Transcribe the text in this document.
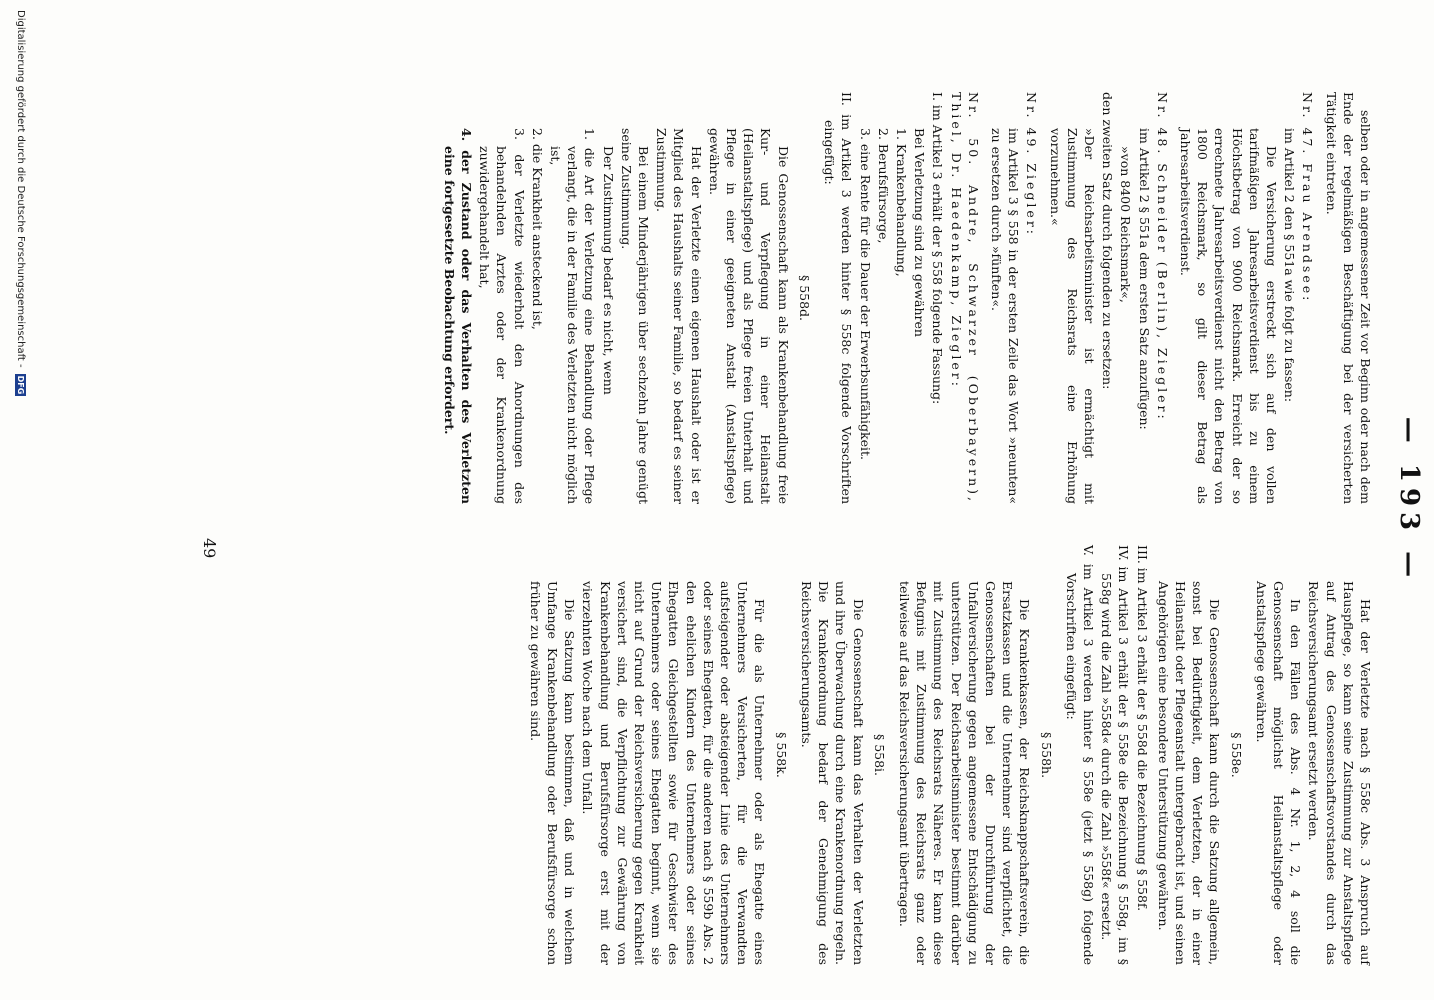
— 193 —

selben oder in angemessener Zeit vor Beginn oder nach dem Ende der regelmäßigen Beschäftigung bei der versicherten Tätigkeit eintreten.

Nr. 47. Frau Arendsee:

im Artikel 2 den § 551a wie folgt zu fassen:

Die Versicherung erstreckt sich auf den vollen tarifmäßigen Jahresarbeitsverdienst bis zu einem Höchstbetrag von 9000 Reichsmark. Erreicht der so errechnete Jahresarbeitsverdienst nicht den Betrag von 1800 Reichsmark, so gilt dieser Betrag als Jahresarbeitsverdienst.

Nr. 48. Schneider (Berlin), Ziegler:

im Artikel 2 § 551a dem ersten Satz anzufügen:

»von 8400 Reichsmark«,

den zweiten Satz durch folgenden zu ersetzen:

»Der Reichsarbeitsminister ist ermächtigt mit Zustimmung des Reichsrats eine Erhöhung vorzunehmen.«

Nr. 49. Ziegler:

im Artikel 3 § 558 in der ersten Zeile das Wort »neunten« zu ersetzen durch »fünften«.

Nr. 50. Andre, Schwarzer (Oberbayern), Thiel, Dr. Haedenkamp, Ziegler:

I. im Artikel 3 erhält der § 558 folgende Fassung:

Bei Verletzung sind zu gewähren

1. Krankenbehandlung,

2. Berufsfürsorge,

3. eine Rente für die Dauer der Erwerbsunfähigkeit.

II. im Artikel 3 werden hinter § 558c folgende Vorschriften eingefügt:

§ 558d.

Die Genossenschaft kann als Krankenbehandlung freie Kur- und Verpflegung in einer Heilanstalt (Heilanstaltspflege) und als Pflege freien Unterhalt und Pflege in einer geeigneten Anstalt (Anstaltspflege) gewähren.

Hat der Verletzte einen eigenen Haushalt oder ist er Mitglied des Haushalts seiner Familie, so bedarf es seiner Zustimmung.

Bei einem Minderjährigen über sechzehn Jahre genügt seine Zustimmung.

Der Zustimmung bedarf es nicht, wenn

1. die Art der Verletzung eine Behandlung oder Pflege verlangt, die in der Familie des Verletzten nicht möglich ist,

2. die Krankheit ansteckend ist,

3. der Verletzte wiederholt den Anordnungen des behandelnden Arztes oder der Krankenordnung zuwidergehandelt hat,

4. der Zustand oder das Verhalten des Verletzten eine fortgesetzte Beobachtung erfordert.

Hat der Verletzte nach § 558c Abs. 3 Anspruch auf Hauspflege, so kann seine Zustimmung zur Anstaltspflege auf Antrag des Genossenschaftsvorstandes durch das Reichsversicherungsamt ersetzt werden.

In den Fällen des Abs. 4 Nr. 1, 2, 4 soll die Genossenschaft möglichst Heilanstaltspflege oder Anstaltspflege gewähren.

§ 558e.

Die Genossenschaft kann durch die Satzung allgemein, sonst bei Bedürftigkeit, dem Verletzten, der in einer Heilanstalt oder Pflegeanstalt untergebracht ist, und seinen Angehörigen eine besondere Unterstützung gewähren.

III. im Artikel 3 erhält der § 558d die Bezeichnung § 558f.

IV. im Artikel 3 erhält der § 558e die Bezeichnung § 558g, im § 558g wird die Zahl »558d« durch die Zahl »558f« ersetzt.

V. im Artikel 3 werden hinter § 558e (jetzt § 558g) folgende Vorschriften eingefügt:

§ 558h.

Die Krankenkassen, der Reichsknappschaftsverein, die Ersatzkassen und die Unternehmer sind verpflichtet, die Genossenschaften bei der Durchführung der Unfallversicherung gegen angemessene Entschädigung zu unterstützen. Der Reichsarbeitsminister bestimmt darüber mit Zustimmung des Reichsrats Näheres. Er kann diese Befugnis mit Zustimmung des Reichsrats ganz oder teilweise auf das Reichsversicherungsamt übertragen.

§ 558i.

Die Genossenschaft kann das Verhalten der Verletzten und ihre Überwachung durch eine Krankenordnung regeln. Die Krankenordnung bedarf der Genehmigung des Reichsversicherungsamts.

§ 558k.

Für die als Unternehmer oder als Ehegatte eines Unternehmers Versicherten, für die Verwandten aufsteigender oder absteigender Linie des Unternehmers oder seines Ehegatten, für die anderen nach § 559b Abs. 2 den ehelichen Kindern des Unternehmers oder seines Ehegatten Gleichgestellten sowie für Geschwister des Unternehmers oder seines Ehegatten beginnt, wenn sie nicht auf Grund der Reichsversicherung gegen Krankheit versichert sind, die Verpflichtung zur Gewährung von Krankenbehandlung und Berufsfürsorge erst mit der vierzehnten Woche nach dem Unfall.

Die Satzung kann bestimmen, daß und in welchem Umfange Krankenbehandlung oder Berufsfürsorge schon früher zu gewähren sind.

49
Digitalisierung gefördert durch die Deutsche Forschungsgemeinschaft -
DFG
